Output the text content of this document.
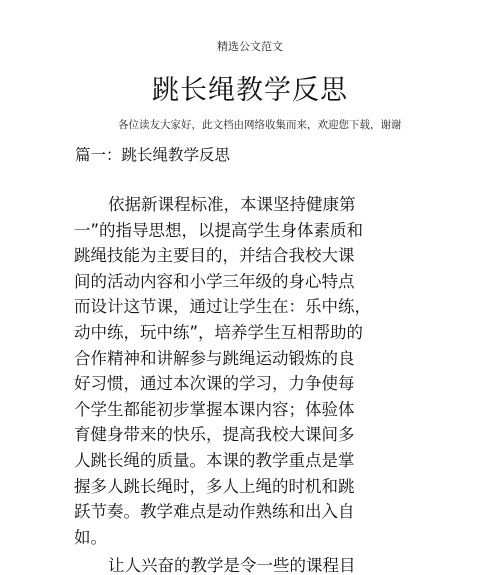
精选公文范文
跳长绳教学反思
各位读友大家好，此文档由网络收集而来，欢迎您下载，谢谢
篇一：跳长绳教学反思
依据新课程标准，本课坚持健康第
一”的指导思想，以提高学生身体素质和
跳绳技能为主要目的，并结合我校大课
间的活动内容和小学三年级的身心特点
而设计这节课，通过让学生在：乐中练，
动中练，玩中练”，培养学生互相帮助的
合作精神和讲解参与跳绳运动锻炼的良
好习惯，通过本次课的学习，力争使每
个学生都能初步掌握本课内容；体验体
育健身带来的快乐，提高我校大课间多
人跳长绳的质量。本课的教学重点是掌
握多人跳长绳时，多人上绳的时机和跳
跃节奏。教学难点是动作熟练和出入自
如。
让人兴奋的教学是令一些的课程目
